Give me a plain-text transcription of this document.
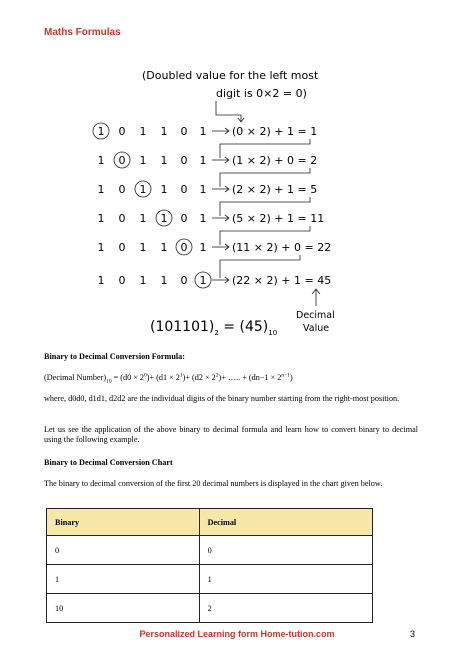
Maths Formulas
(Doubled value for the left most
digit is 0×2 = 0)
1 0 1 1 0 1 (0 × 2) + 1 = 1
1 0 1 1 0 1 (1 × 2) + 0 = 2
1 0 1 1 0 1 (2 × 2) + 1 = 5
1 0 1 1 0 1 (5 × 2) + 1 = 11
1 0 1 1 0 1 (11 × 2) + 0 = 22
1 0 1 1 0 1 (22 × 2) + 1 = 45
Decimal
Value
$(101101)_2 = (45)_{10}$
Binary to Decimal Conversion Formula:
(Decimal $Number)_{10} = (d0 \times 2^0)+ (d1 \times 2^1)+ (d2 \times 2^2)+$ ….. + $(dn-1 \times 2^{n-1})$
where, d0d0, d1d1, d2d2 are the individual digits of the binary number starting from the right-most position.
Let us see the application of the above binary to decimal formula and learn how to convert binary to decimal using the following example.
Binary to Decimal Conversion Chart
The binary to decimal conversion of the first 20 decimal numbers is displayed in the chart given below.
Binary	Decimal
0	0
1	1
10	2
Personalized Learning form Home-tution.com	3
